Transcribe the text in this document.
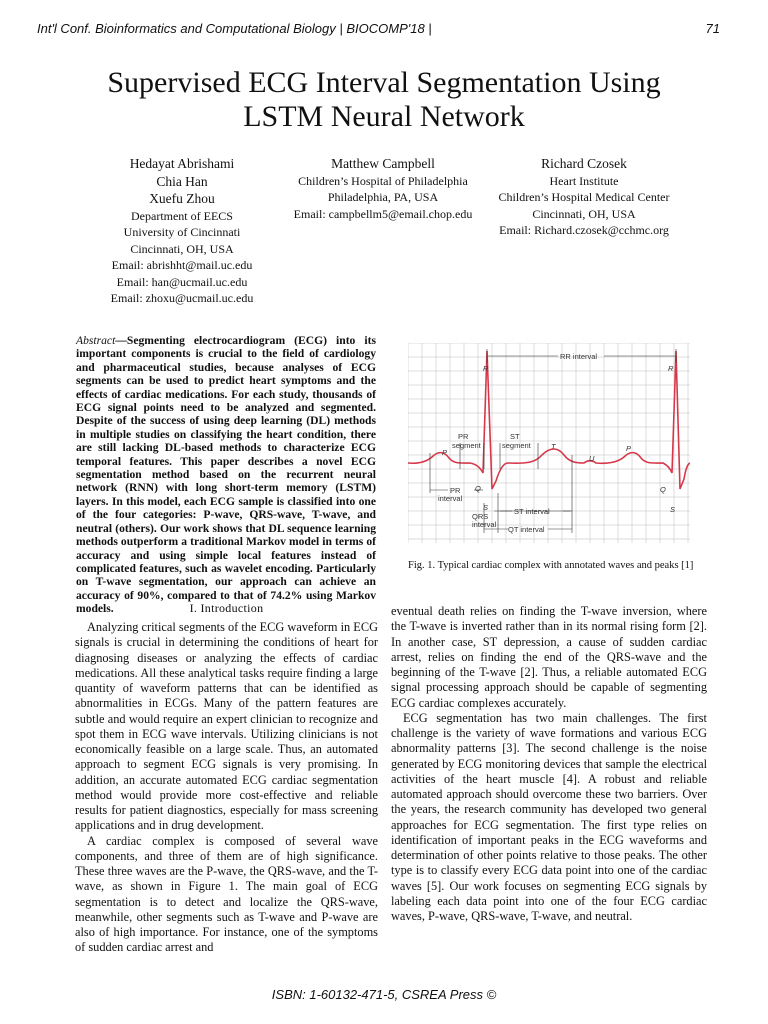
Int'l Conf. Bioinformatics and Computational Biology | BIOCOMP'18 |	71
Supervised ECG Interval Segmentation Using
LSTM Neural Network
Hedayat Abrishami
Chia Han
Xuefu Zhou
Department of EECS
University of Cincinnati
Cincinnati, OH, USA
Email: abrishht@mail.uc.edu
Email: han@ucmail.uc.edu
Email: zhoxu@ucmail.uc.edu
Matthew Campbell
Children’s Hospital of Philadelphia
Philadelphia, PA, USA
Email: campbellm5@email.chop.edu
Richard Czosek
Heart Institute
Children’s Hospital Medical Center
Cincinnati, OH, USA
Email: Richard.czosek@cchmc.org
Abstract—Segmenting electrocardiogram (ECG) into its important components is crucial to the field of cardiology and pharmaceutical studies, because analyses of ECG segments can be used to predict heart symptoms and the effects of cardiac medications. For each study, thousands of ECG signal points need to be analyzed and segmented. Despite of the success of using deep learning (DL) methods in multiple studies on classifying the heart condition, there are still lacking DL-based methods to characterize ECG temporal features. This paper describes a novel ECG segmentation method based on the recurrent neural network (RNN) with long short-term memory (LSTM) layers. In this model, each ECG sample is classified into one of the four categories: P-wave, QRS-wave, T-wave, and neutral (others). Our work shows that DL sequence learning methods outperform a traditional Markov model in terms of accuracy and using simple local features instead of complicated features, such as wavelet encoding. Particularly on T-wave segmentation, our approach can achieve an accuracy of 90%, compared to that of 74.2% using Markov models.
RR interval
R	R
PR
segment
ST
segment
P	P
T
U
Q	Q
S	S
PR
interval
QRS
interval
ST interval
QT interval
Fig. 1. Typical cardiac complex with annotated waves and peaks [1]
I. Introduction

Analyzing critical segments of the ECG waveform in ECG signals is crucial in determining the conditions of heart for diagnosing diseases or analyzing the effects of cardiac medications. All these analytical tasks require finding a large quantity of waveform patterns that can be identified as abnormalities in ECGs. Many of the pattern features are subtle and would require an expert clinician to recognize and spot them in ECG wave intervals. Utilizing clinicians is not economically feasible on a large scale. Thus, an automated approach to segment ECG signals is very promising. In addition, an accurate automated ECG cardiac segmentation method would provide more cost-effective and reliable results for patient diagnostics, especially for mass screening applications and in drug development.

A cardiac complex is composed of several wave components, and three of them are of high significance. These three waves are the P-wave, the QRS-wave, and the T-wave, as shown in Figure 1. The main goal of ECG segmentation is to detect and localize the QRS-wave, meanwhile, other segments such as T-wave and P-wave are also of high importance. For instance, one of the symptoms of sudden cardiac arrest and

eventual death relies on finding the T-wave inversion, where the T-wave is inverted rather than in its normal rising form [2]. In another case, ST depression, a cause of sudden cardiac arrest, relies on finding the end of the QRS-wave and the beginning of the T-wave [2]. Thus, a reliable automated ECG signal processing approach should be capable of segmenting ECG cardiac complexes accurately.

ECG segmentation has two main challenges. The first challenge is the variety of wave formations and various ECG abnormality patterns [3]. The second challenge is the noise generated by ECG monitoring devices that sample the electrical activities of the heart muscle [4]. A robust and reliable automated approach should overcome these two barriers. Over the years, the research community has developed two general approaches for ECG segmentation. The first type relies on identification of important peaks in the ECG waveforms and determination of other points relative to those peaks. The other type is to classify every ECG data point into one of the cardiac waves [5]. Our work focuses on segmenting ECG signals by labeling each data point into one of the four ECG cardiac waves, P-wave, QRS-wave, T-wave, and neutral.

ISBN: 1-60132-471-5, CSREA Press ©
